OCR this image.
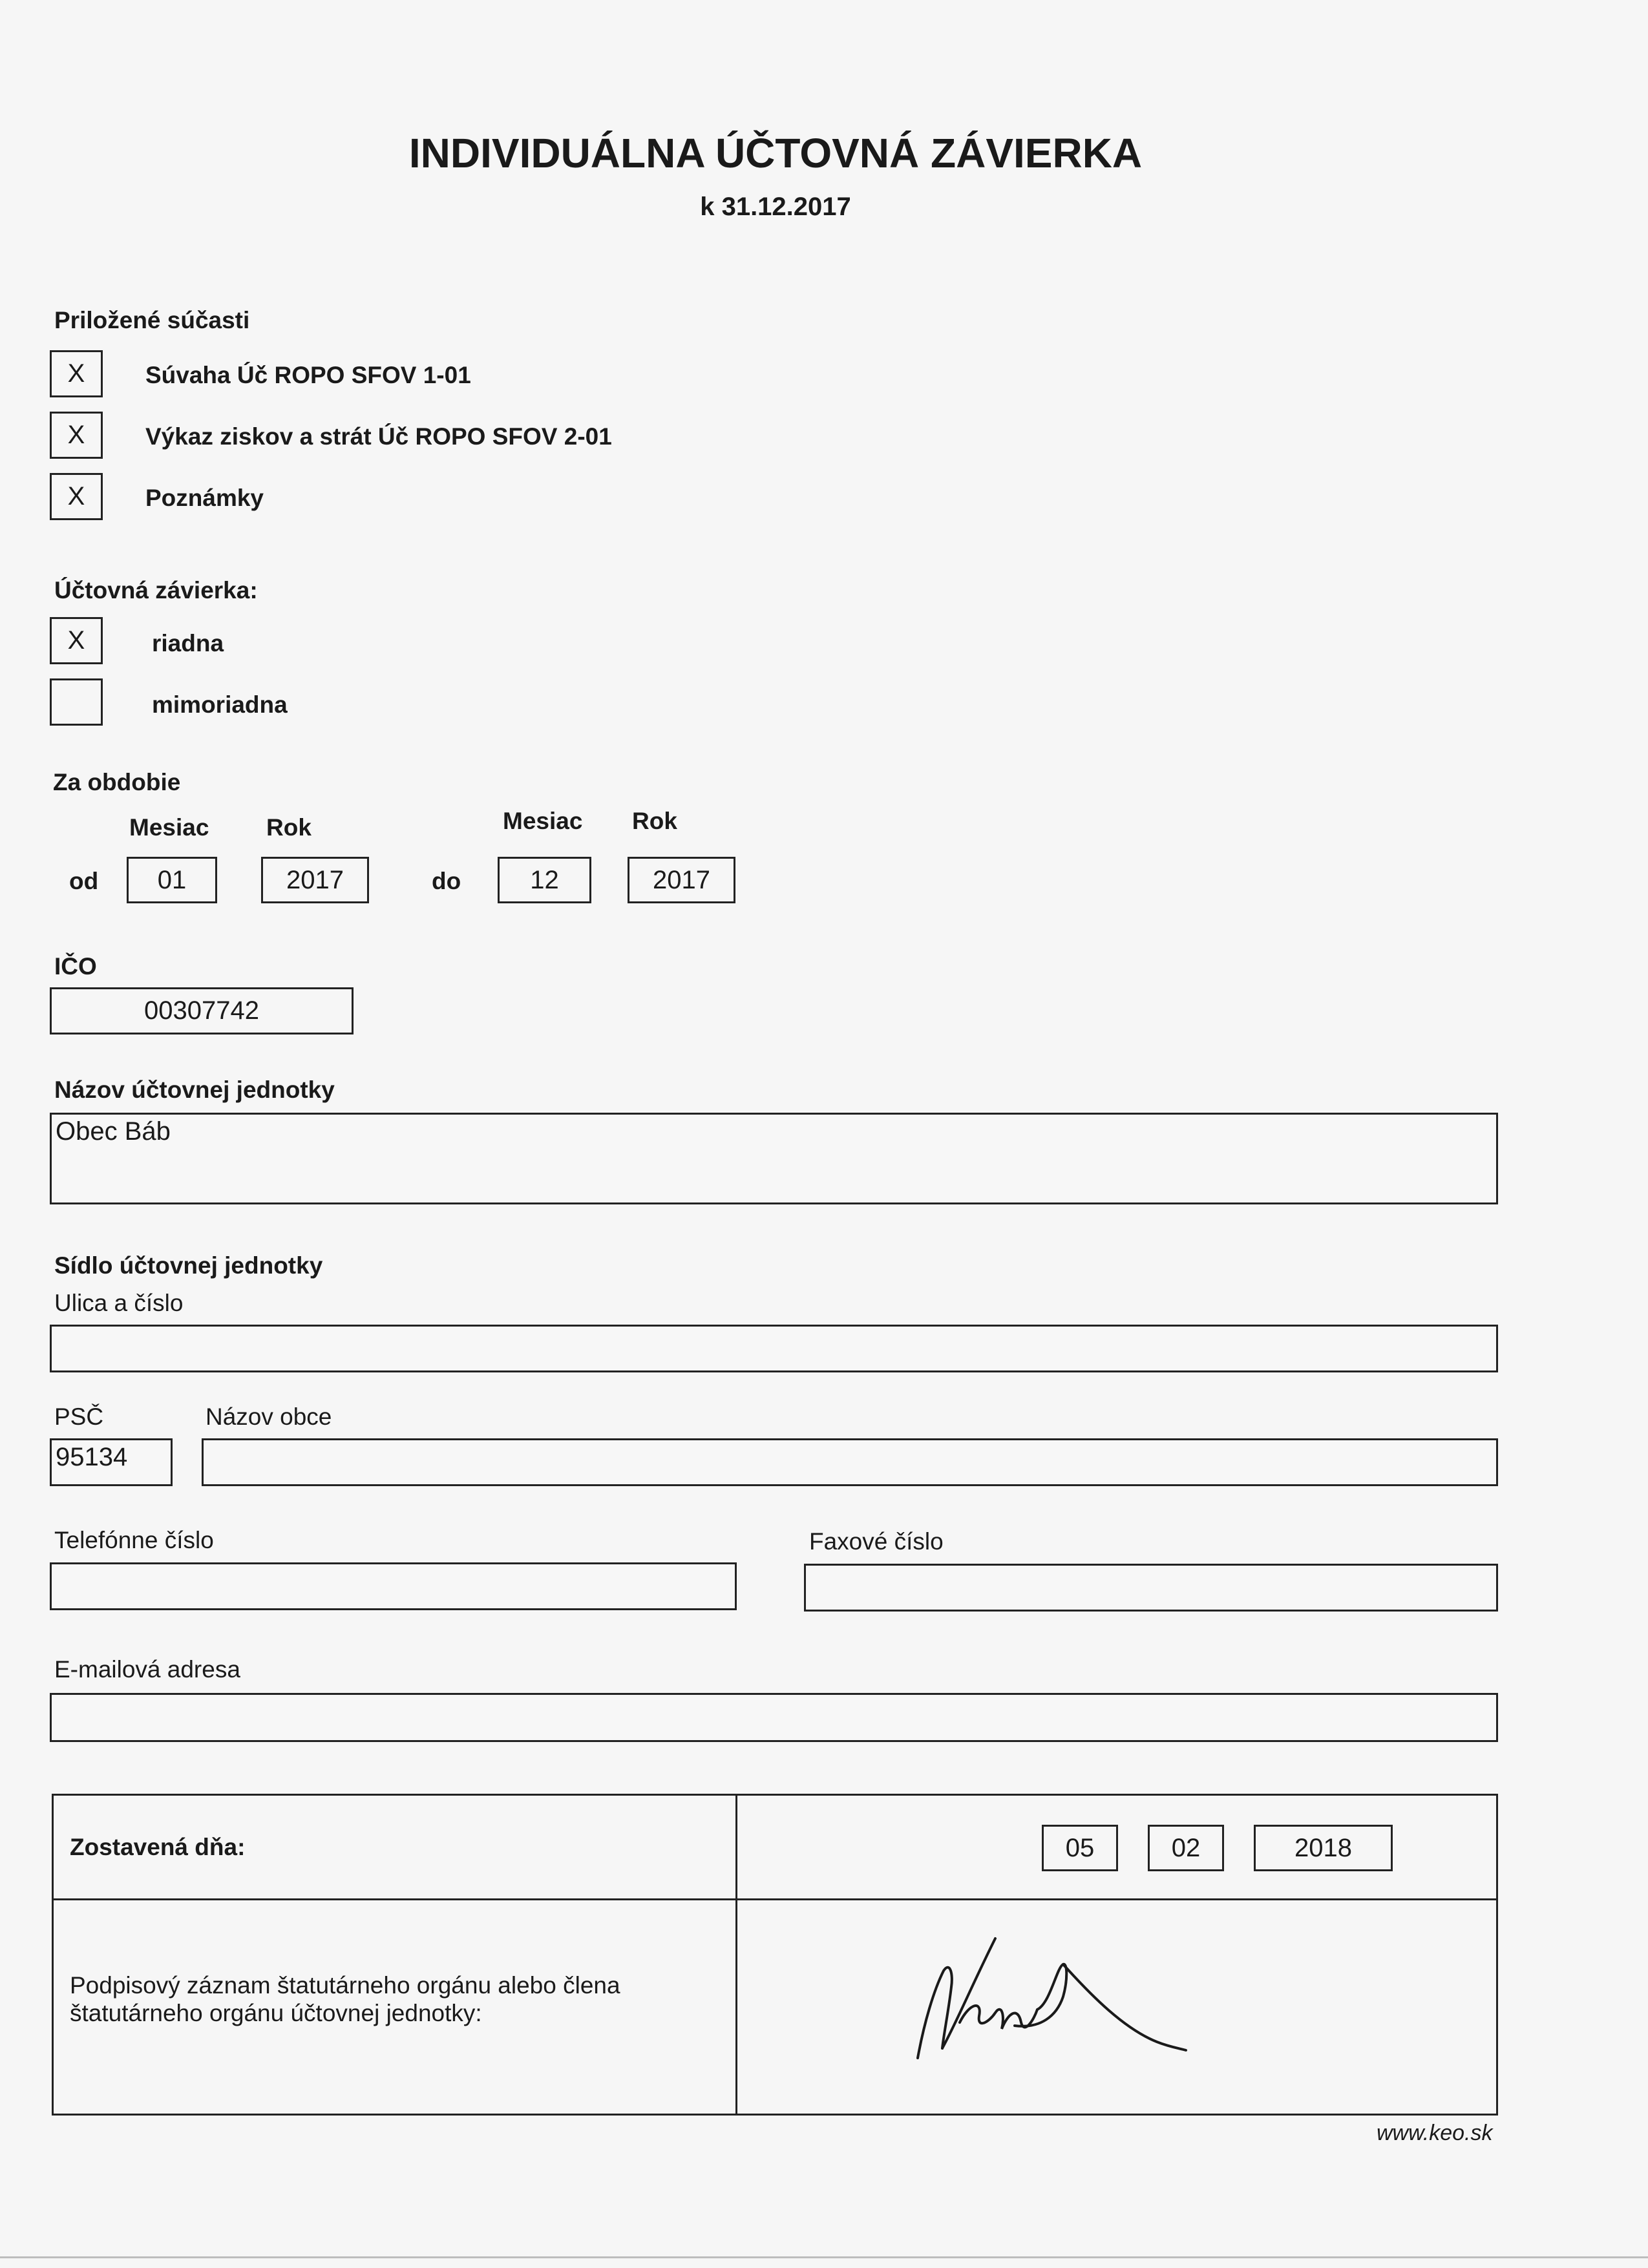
INDIVIDUÁLNA ÚČTOVNÁ ZÁVIERKA
k 31.12.2017
Priložené súčasti
X	Súvaha Úč ROPO SFOV 1-01
X	Výkaz ziskov a strát Úč ROPO SFOV 2-01
X	Poznámky
Účtovná závierka:
X	riadna
mimoriadna
Za obdobie
Mesiac Rok	Mesiac Rok
od	01	2017	do	12	2017
IČO
00307742
Názov účtovnej jednotky
Obec Báb
Sídlo účtovnej jednotky
Ulica a číslo
PSČ	Názov obce
95134
Telefónne číslo	Faxové číslo
E-mailová adresa
Zostavená dňa:	05	02	2018
Podpisový záznam štatutárneho orgánu alebo člena
štatutárneho orgánu účtovnej jednotky:
www.keo.sk
